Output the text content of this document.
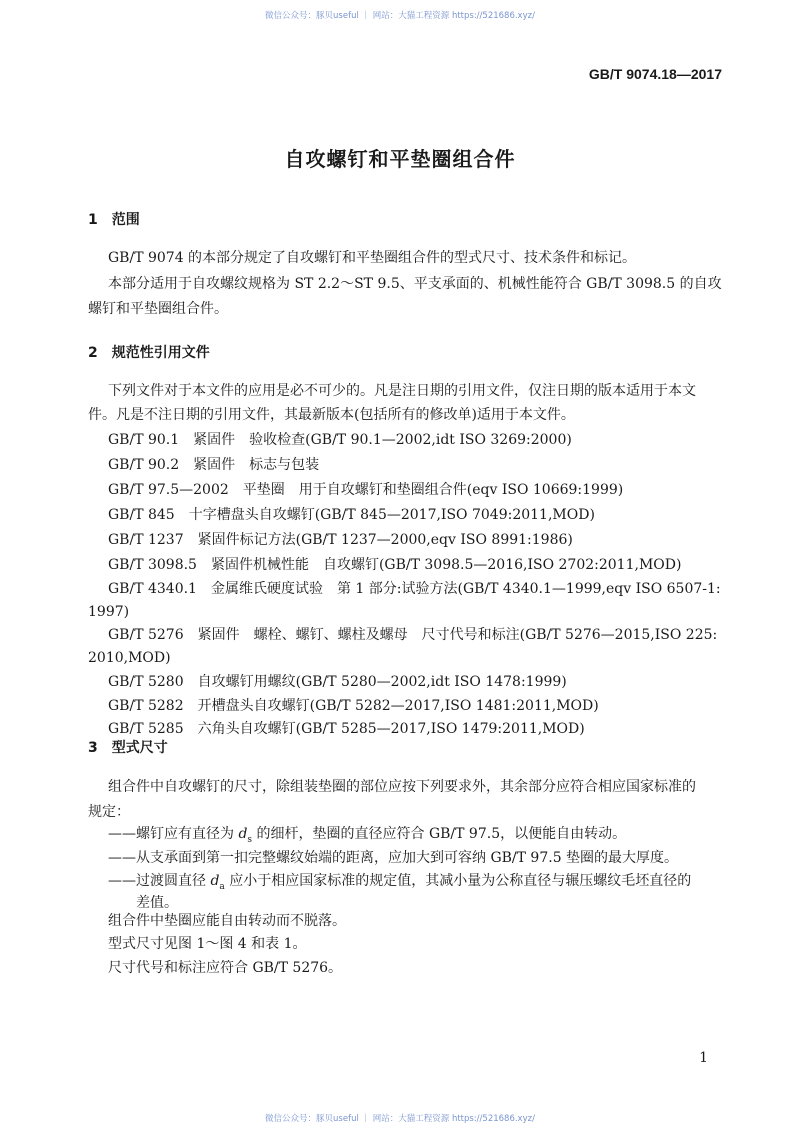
微信公众号：豚贝useful ｜ 网站：大猫工程资源 https://521686.xyz/
GB/T 9074.18—2017
自攻螺钉和平垫圈组合件
1 范围
GB/T 9074 的本部分规定了自攻螺钉和平垫圈组合件的型式尺寸、技术条件和标记。
本部分适用于自攻螺纹规格为 ST 2.2～ST 9.5、平支承面的、机械性能符合 GB/T 3098.5 的自攻
螺钉和平垫圈组合件。
2 规范性引用文件
下列文件对于本文件的应用是必不可少的。凡是注日期的引用文件，仅注日期的版本适用于本文
件。凡是不注日期的引用文件，其最新版本(包括所有的修改单)适用于本文件。
GB/T 90.1　紧固件　验收检查(GB/T 90.1—2002,idt ISO 3269:2000)
GB/T 90.2　紧固件　标志与包装
GB/T 97.5—2002　平垫圈　用于自攻螺钉和垫圈组合件(eqv ISO 10669:1999)
GB/T 845　十字槽盘头自攻螺钉(GB/T 845—2017,ISO 7049:2011,MOD)
GB/T 1237　紧固件标记方法(GB/T 1237—2000,eqv ISO 8991:1986)
GB/T 3098.5　紧固件机械性能　自攻螺钉(GB/T 3098.5—2016,ISO 2702:2011,MOD)
GB/T 4340.1　金属维氏硬度试验　第 1 部分:试验方法(GB/T 4340.1—1999,eqv ISO 6507-1:
1997)
GB/T 5276　紧固件　螺栓、螺钉、螺柱及螺母　尺寸代号和标注(GB/T 5276—2015,ISO 225:
2010,MOD)
GB/T 5280　自攻螺钉用螺纹(GB/T 5280—2002,idt ISO 1478:1999)
GB/T 5282　开槽盘头自攻螺钉(GB/T 5282—2017,ISO 1481:2011,MOD)
GB/T 5285　六角头自攻螺钉(GB/T 5285—2017,ISO 1479:2011,MOD)
3 型式尺寸
组合件中自攻螺钉的尺寸，除组装垫圈的部位应按下列要求外，其余部分应符合相应国家标准的
规定：
——螺钉应有直径为 $d_s$ 的细杆，垫圈的直径应符合 GB/T 97.5，以便能自由转动。
——从支承面到第一扣完整螺纹始端的距离，应加大到可容纳 GB/T 97.5 垫圈的最大厚度。
——过渡圆直径 $d_a$ 应小于相应国家标准的规定值，其减小量为公称直径与辗压螺纹毛坯直径的
差值。
组合件中垫圈应能自由转动而不脱落。
型式尺寸见图 1～图 4 和表 1。
尺寸代号和标注应符合 GB/T 5276。
1
微信公众号：豚贝useful ｜ 网站：大猫工程资源 https://521686.xyz/
